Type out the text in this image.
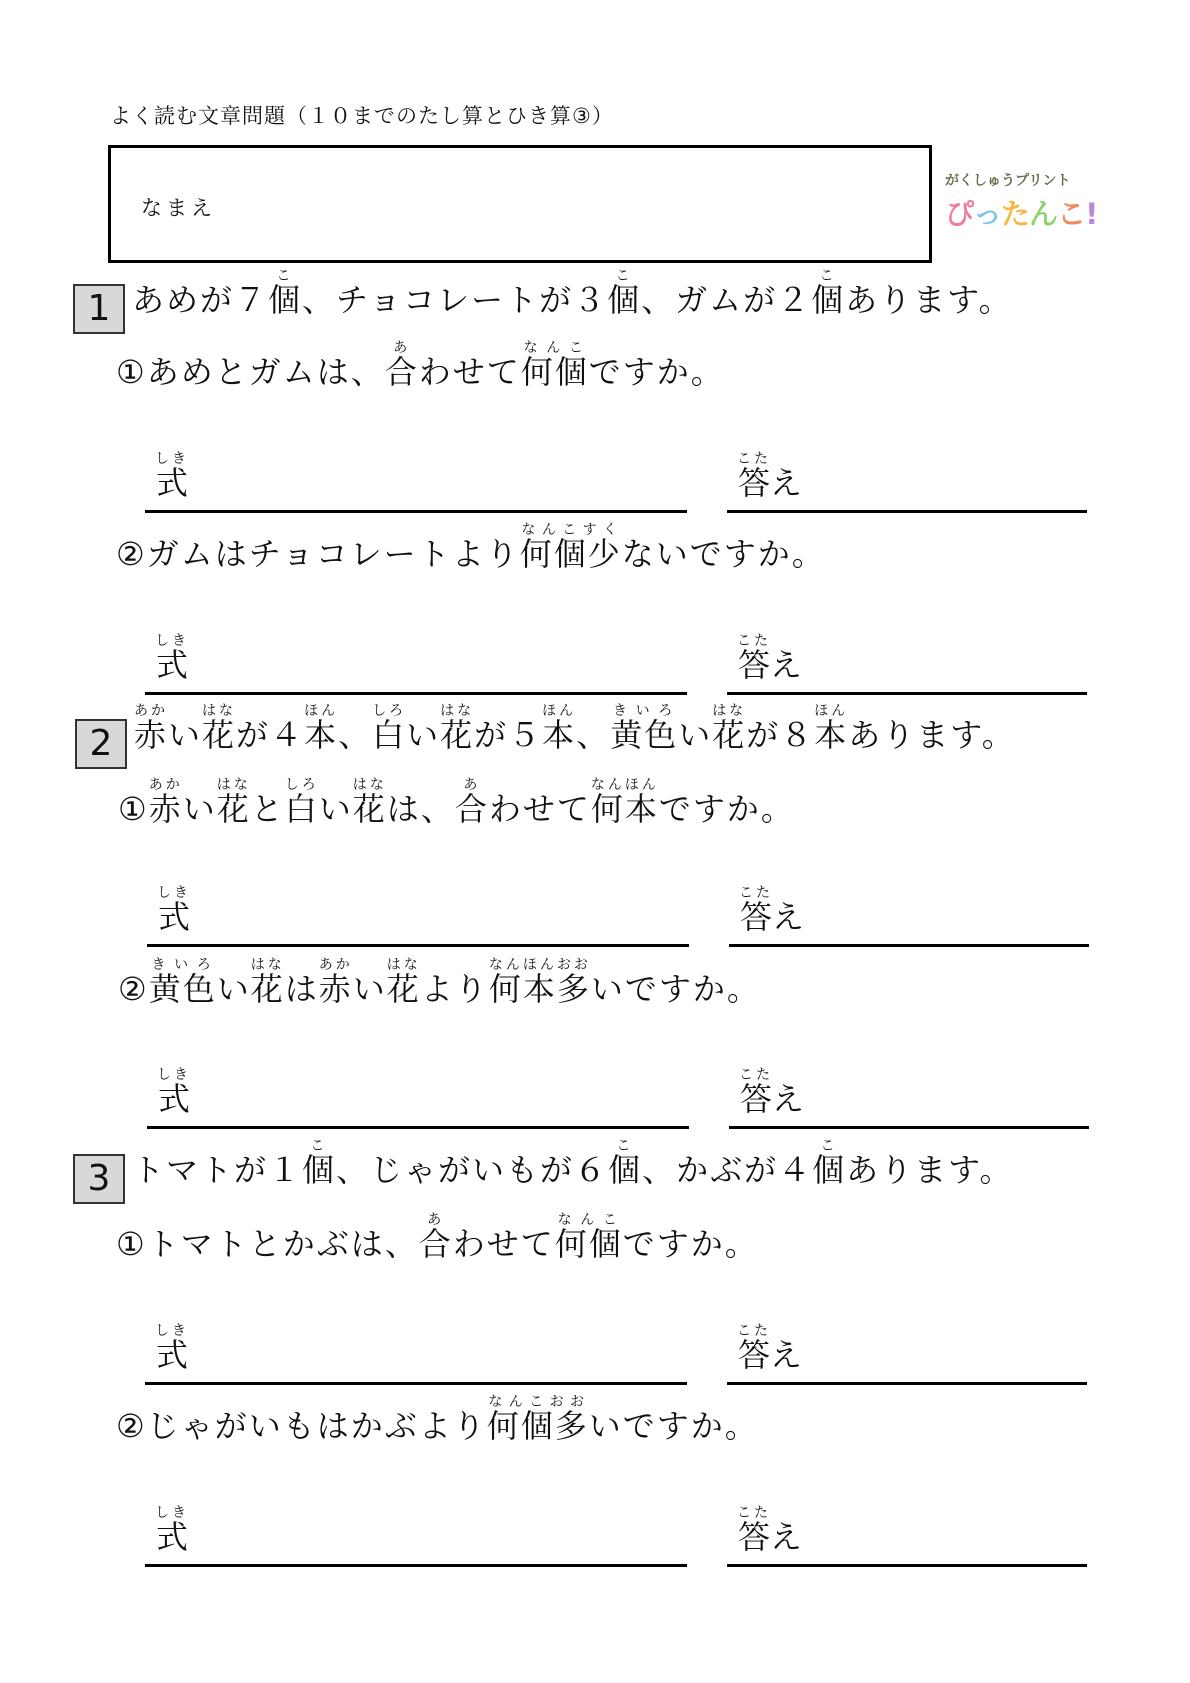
よく読む文章問題（１０までのたし算とひき算③）
なまえ
がくしゅうプリント
ぴったんこ!
1 あめが７個こ、チョコレートが３個こ、ガムが２個こあります。
①あめとガムは、合あわせて何個なんこですか。
式しき
答こたえ
②ガムはチョコレートより何個少なんこすくないですか。
式しき
答こたえ
2 赤あかい花はなが４本ほん、白しろい花はなが５本ほん、黄色きいろい花はなが８本ほんあります。
①赤あかい花はなと白しろい花はなは、合あわせて何本なんほんですか。
式しき
答こたえ
②黄色きいろい花はなは赤あかい花はなより何本多なんほんおおいですか。
式しき
答こたえ
3 トマトが１個こ、じゃがいもが６個こ、かぶが４個こあります。
①トマトとかぶは、合あわせて何個なんこですか。
式しき
答こたえ
②じゃがいもはかぶより何個多なんこおおいですか。
式しき
答こたえ
